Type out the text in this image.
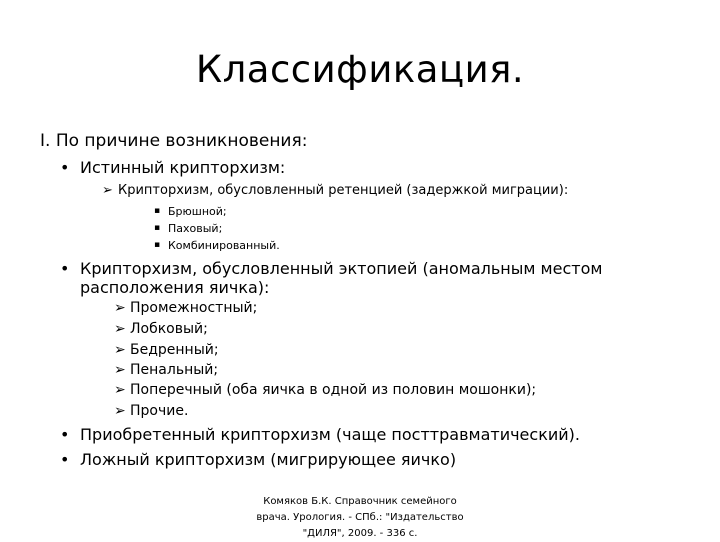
Классификация.
I. По причине возникновения:
• Истинный крипторхизм:
➢ Крипторхизм, обусловленный ретенцией (задержкой миграции):
▪ Брюшной;
▪ Паховый;
▪ Комбинированный.
• Крипторхизм, обусловленный эктопией (аномальным местом
расположения яичка):
➢ Промежностный;
➢ Лобковый;
➢ Бедренный;
➢ Пенальный;
➢ Поперечный (оба яичка в одной из половин мошонки);
➢ Прочие.
• Приобретенный крипторхизм (чаще посттравматический).
• Ложный крипторхизм (мигрирующее яичко)
Комяков Б.К. Справочник семейного
врача. Урология. - СПб.: "Издательство
"ДИЛЯ", 2009. - 336 с.
